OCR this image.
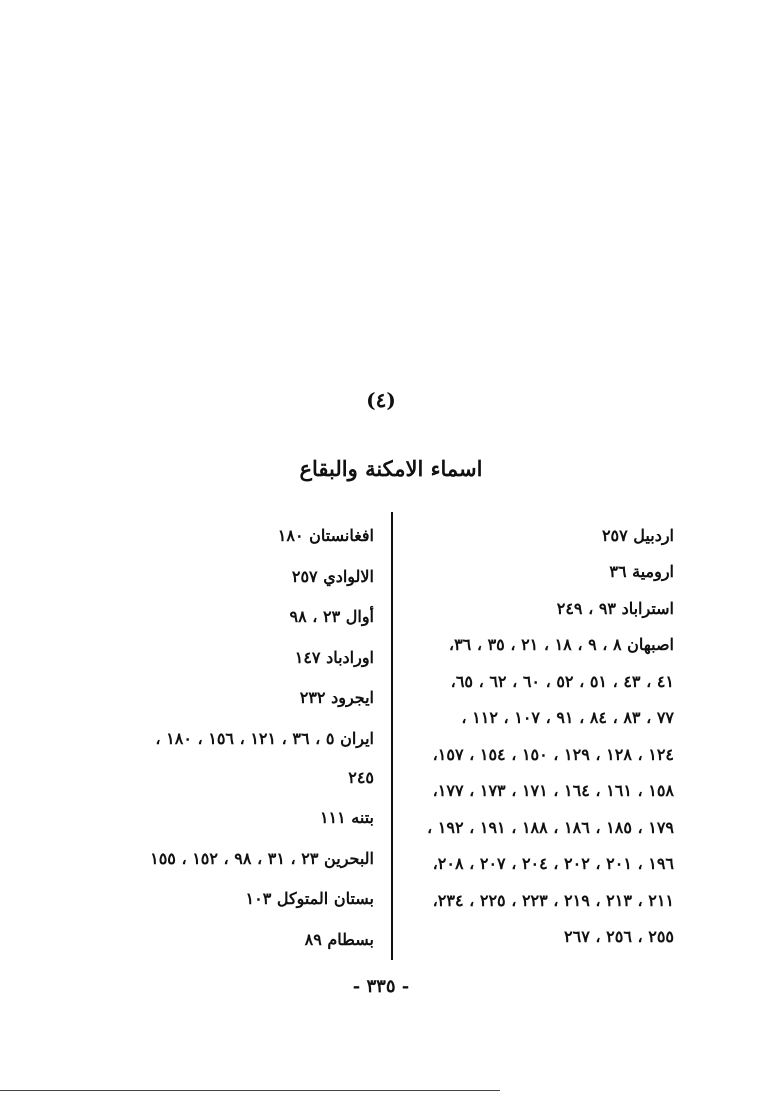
(٤)
اسماء الامكنة والبقاع
اردبيل ٢٥٧
ارومية ٣٦
استراباد ٩٣ ، ٢٤٩
اصبهان ٨ ، ٩ ، ١٨ ، ٢١ ، ٣٥ ، ٣٦،
٤١ ، ٤٣ ، ٥١ ، ٥٢ ، ٦٠ ، ٦٢ ، ٦٥،
٧٧ ، ٨٣ ، ٨٤ ، ٩١ ، ١٠٧ ، ١١٢ ،
١٢٤ ، ١٢٨ ، ١٢٩ ، ١٥٠ ، ١٥٤ ، ١٥٧،
١٥٨ ، ١٦١ ، ١٦٤ ، ١٧١ ، ١٧٣ ، ١٧٧،
١٧٩ ، ١٨٥ ، ١٨٦ ، ١٨٨ ، ١٩١ ، ١٩٢ ،
١٩٦ ، ٢٠١ ، ٢٠٢ ، ٢٠٤ ، ٢٠٧ ، ٢٠٨،
٢١١ ، ٢١٣ ، ٢١٩ ، ٢٢٣ ، ٢٢٥ ، ٢٣٤،
٢٥٥ ، ٢٥٦ ، ٢٦٧
افغانستان ١٨٠
الالوادي ٢٥٧
أوال ٢٣ ، ٩٨
اورادباد ١٤٧
ايجرود ٢٣٢
ايران ٥ ، ٣٦ ، ١٢١ ، ١٥٦ ، ١٨٠ ،
٢٤٥
بتنه ١١١
البحرين ٢٣ ، ٣١ ، ٩٨ ، ١٥٢ ، ١٥٥
بستان المتوكل ١٠٣
بسطام ٨٩
- ٣٣٥ -
